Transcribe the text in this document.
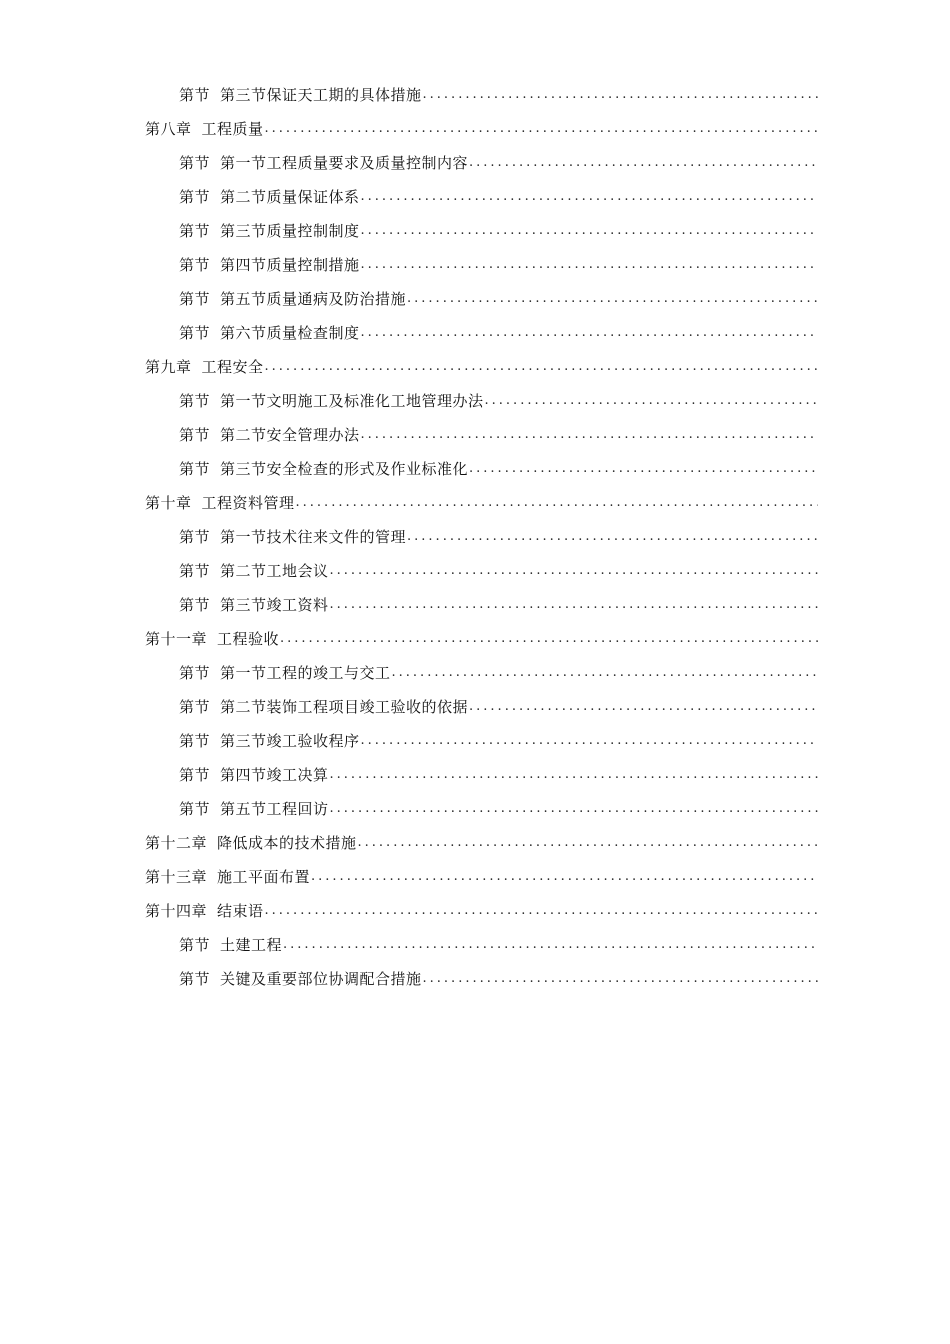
第节 第三节保证天工期的具体措施
.....
第八章 工程质量
.....
第节 第一节工程质量要求及质量控制内容
.....
第节 第二节质量保证体系
.....
第节 第三节质量控制制度
.....
第节 第四节质量控制措施
.....
第节 第五节质量通病及防治措施
.....
第节 第六节质量检查制度
.....
第九章 工程安全
.....
第节 第一节文明施工及标准化工地管理办法
.....
第节 第二节安全管理办法
.....
第节 第三节安全检查的形式及作业标准化
.....
第十章 工程资料管理
.....
第节 第一节技术往来文件的管理
.....
第节 第二节工地会议
.....
第节 第三节竣工资料
.....
第十一章 工程验收
.....
第节 第一节工程的竣工与交工
.....
第节 第二节装饰工程项目竣工验收的依据
.....
第节 第三节竣工验收程序
.....
第节 第四节竣工决算
.....
第节 第五节工程回访
.....
第十二章 降低成本的技术措施
.....
第十三章 施工平面布置
.....
第十四章 结束语
.....
第节 土建工程
.....
第节 关键及重要部位协调配合措施
.....
